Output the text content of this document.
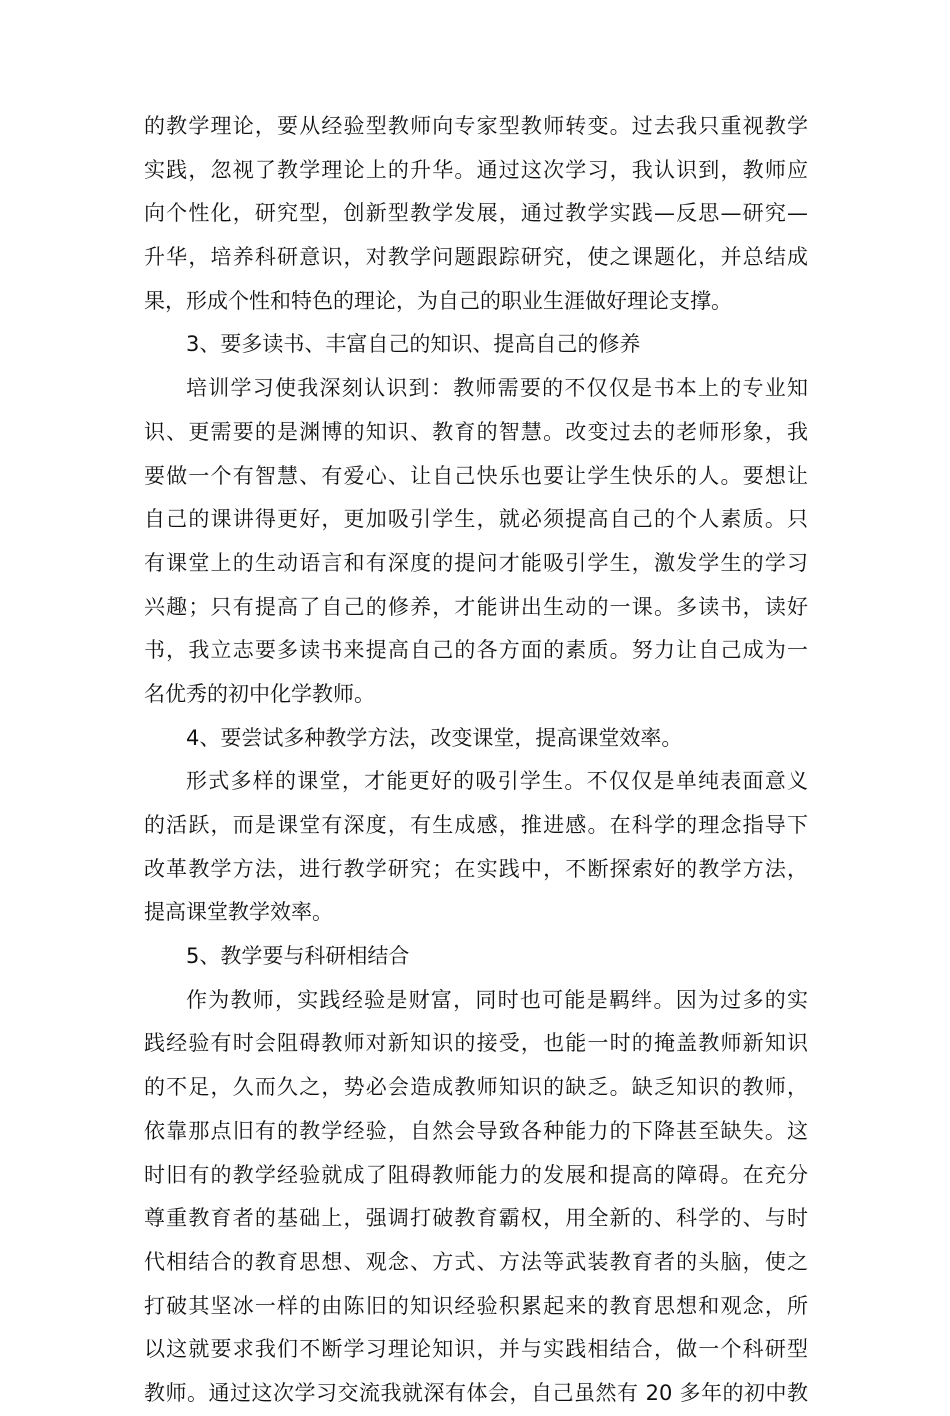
的教学理论，要从经验型教师向专家型教师转变。过去我只重视教学
实践，忽视了教学理论上的升华。通过这次学习，我认识到，教师应
向个性化，研究型，创新型教学发展，通过教学实践—反思—研究—
升华，培养科研意识，对教学问题跟踪研究，使之课题化，并总结成
果，形成个性和特色的理论，为自己的职业生涯做好理论支撑。
3、要多读书、丰富自己的知识、提高自己的修养
培训学习使我深刻认识到：教师需要的不仅仅是书本上的专业知
识、更需要的是渊博的知识、教育的智慧。改变过去的老师形象，我
要做一个有智慧、有爱心、让自己快乐也要让学生快乐的人。要想让
自己的课讲得更好，更加吸引学生，就必须提高自己的个人素质。只
有课堂上的生动语言和有深度的提问才能吸引学生，激发学生的学习
兴趣；只有提高了自己的修养，才能讲出生动的一课。多读书，读好
书，我立志要多读书来提高自己的各方面的素质。努力让自己成为一
名优秀的初中化学教师。
4、要尝试多种教学方法，改变课堂，提高课堂效率。
形式多样的课堂，才能更好的吸引学生。不仅仅是单纯表面意义
的活跃，而是课堂有深度，有生成感，推进感。在科学的理念指导下
改革教学方法，进行教学研究；在实践中，不断探索好的教学方法，
提高课堂教学效率。
5、教学要与科研相结合
作为教师，实践经验是财富，同时也可能是羁绊。因为过多的实
践经验有时会阻碍教师对新知识的接受，也能一时的掩盖教师新知识
的不足，久而久之，势必会造成教师知识的缺乏。缺乏知识的教师，
依靠那点旧有的教学经验，自然会导致各种能力的下降甚至缺失。这
时旧有的教学经验就成了阻碍教师能力的发展和提高的障碍。在充分
尊重教育者的基础上，强调打破教育霸权，用全新的、科学的、与时
代相结合的教育思想、观念、方式、方法等武装教育者的头脑，使之
打破其坚冰一样的由陈旧的知识经验积累起来的教育思想和观念，所
以这就要求我们不断学习理论知识，并与实践相结合，做一个科研型
教师。通过这次学习交流我就深有体会，自己虽然有 20 多年的初中教
